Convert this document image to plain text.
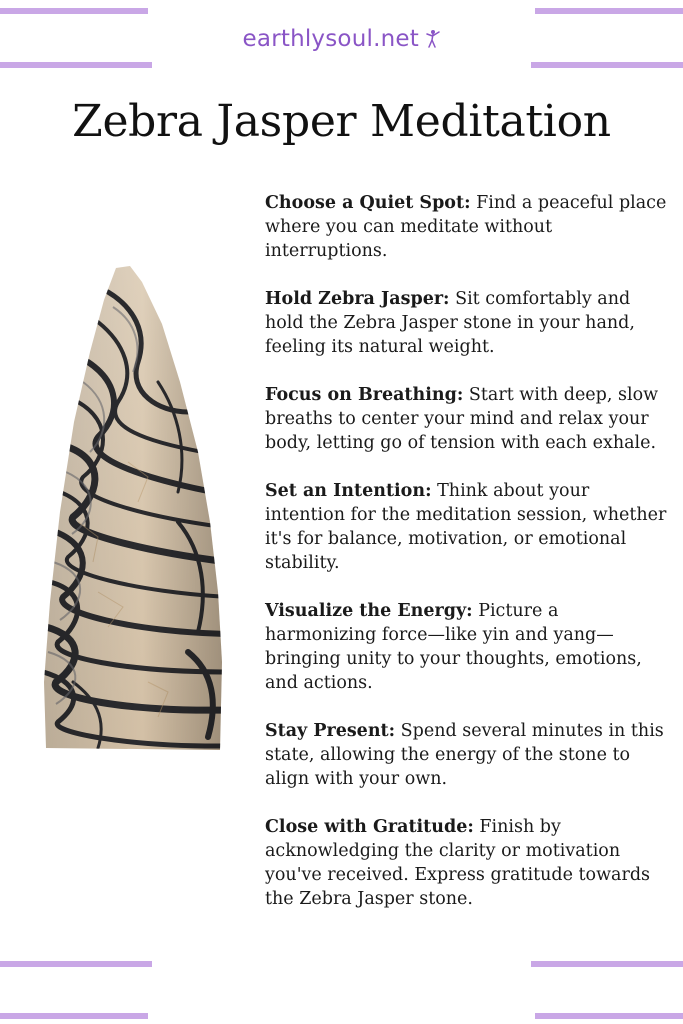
earthlysoul.net
Zebra Jasper Meditation

Choose a Quiet Spot: Find a peaceful place where you can meditate without interruptions.

Hold Zebra Jasper: Sit comfortably and hold the Zebra Jasper stone in your hand, feeling its natural weight.

Focus on Breathing: Start with deep, slow breaths to center your mind and relax your body, letting go of tension with each exhale.

Set an Intention: Think about your intention for the meditation session, whether it's for balance, motivation, or emotional stability.

Visualize the Energy: Picture a harmonizing force—like yin and yang—bringing unity to your thoughts, emotions, and actions.

Stay Present: Spend several minutes in this state, allowing the energy of the stone to align with your own.

Close with Gratitude: Finish by acknowledging the clarity or motivation you've received. Express gratitude towards the Zebra Jasper stone.
